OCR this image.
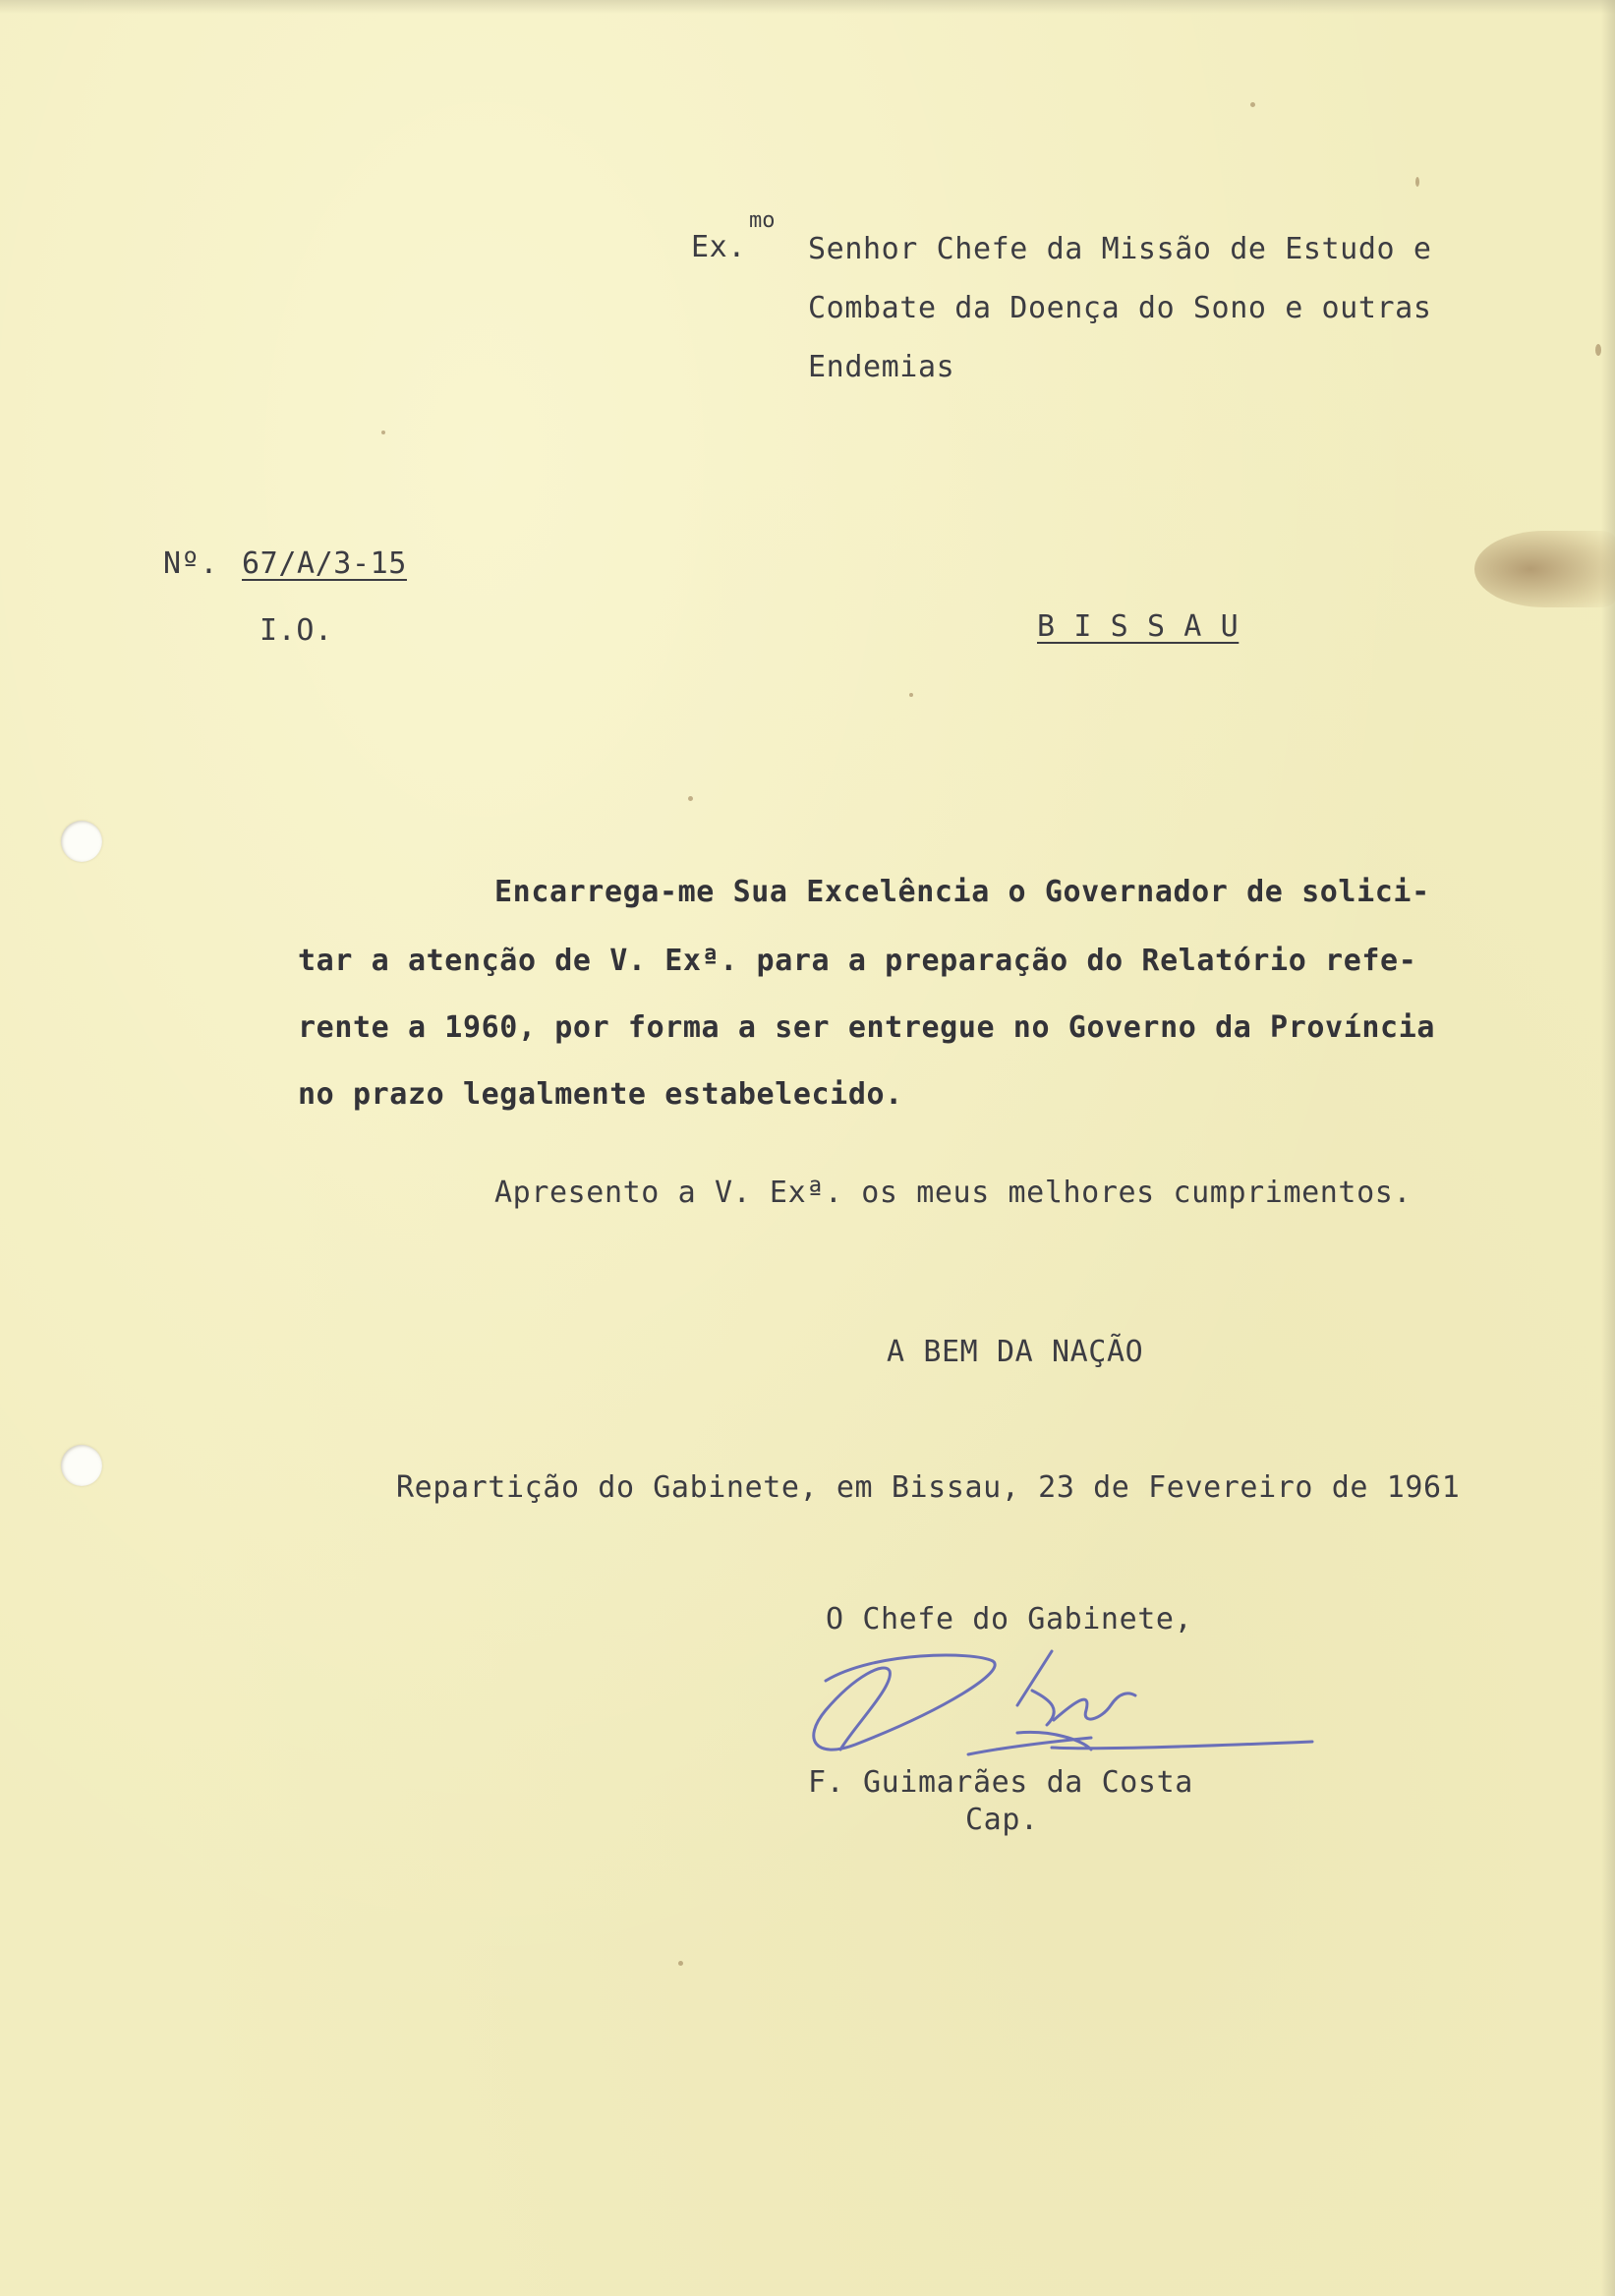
Ex.
mo
Senhor Chefe da Missão de Estudo e
Combate da Doença do Sono e outras
Endemias
Nº. 67/A/3-15
I.O.	B I S S A U
Encarrega-me Sua Excelência o Governador de solici-
tar a atenção de V. Exª. para a preparação do Relatório refe-
rente a 1960, por forma a ser entregue no Governo da Província
no prazo legalmente estabelecido.
Apresento a V. Exª. os meus melhores cumprimentos.
A BEM DA NAÇÃO
Repartição do Gabinete, em Bissau, 23 de Fevereiro de 1961
O Chefe do Gabinete,
F. Guimarães da Costa
Cap.
